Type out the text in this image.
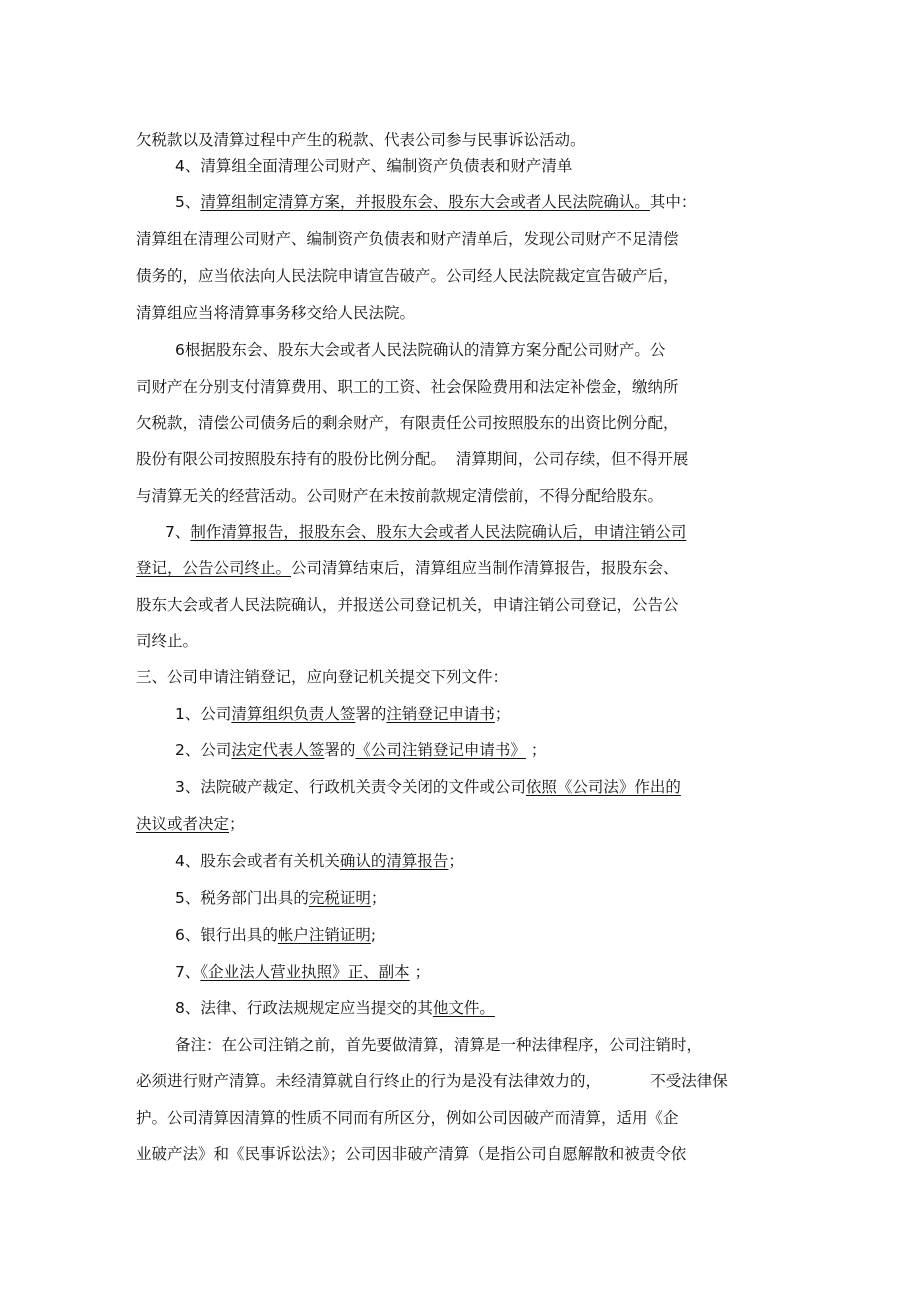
欠税款以及清算过程中产生的税款、代表公司参与民事诉讼活动。
4、清算组全面清理公司财产、编制资产负债表和财产清单
5、清算组制定清算方案，并报股东会、股东大会或者人民法院确认。其中：
清算组在清理公司财产、编制资产负债表和财产清单后，发现公司财产不足清偿
债务的，应当依法向人民法院申请宣告破产。公司经人民法院裁定宣告破产后，
清算组应当将清算事务移交给人民法院。
6根据股东会、股东大会或者人民法院确认的清算方案分配公司财产。公
司财产在分别支付清算费用、职工的工资、社会保险费用和法定补偿金，缴纳所
欠税款，清偿公司债务后的剩余财产，有限责任公司按照股东的出资比例分配，
股份有限公司按照股东持有的股份比例分配。  清算期间，公司存续，但不得开展
与清算无关的经营活动。公司财产在未按前款规定清偿前，不得分配给股东。
7、制作清算报告，报股东会、股东大会或者人民法院确认后，申请注销公司
登记，公告公司终止。公司清算结束后，清算组应当制作清算报告，报股东会、
股东大会或者人民法院确认，并报送公司登记机关，申请注销公司登记，公告公
司终止。
三、公司申请注销登记，应向登记机关提交下列文件：
1、公司清算组织负责人签署的注销登记申请书；
2、公司法定代表人签署的《公司注销登记申请书》 ；
3、法院破产裁定、行政机关责令关闭的文件或公司依照《公司法》作出的
决议或者决定；
4、股东会或者有关机关确认的清算报告；
5、税务部门出具的完税证明；
6、银行出具的帐户注销证明;
7、《企业法人营业执照》正、副本 ；
8、法律、行政法规规定应当提交的其他文件。
备注：在公司注销之前，首先要做清算，清算是一种法律程序，公司注销时，
必须进行财产清算。未经清算就自行终止的行为是没有法律效力的，          不受法律保
护。公司清算因清算的性质不同而有所区分，例如公司因破产而清算，适用《企
业破产法》和《民事诉讼法》；公司因非破产清算（是指公司自愿解散和被责令依
